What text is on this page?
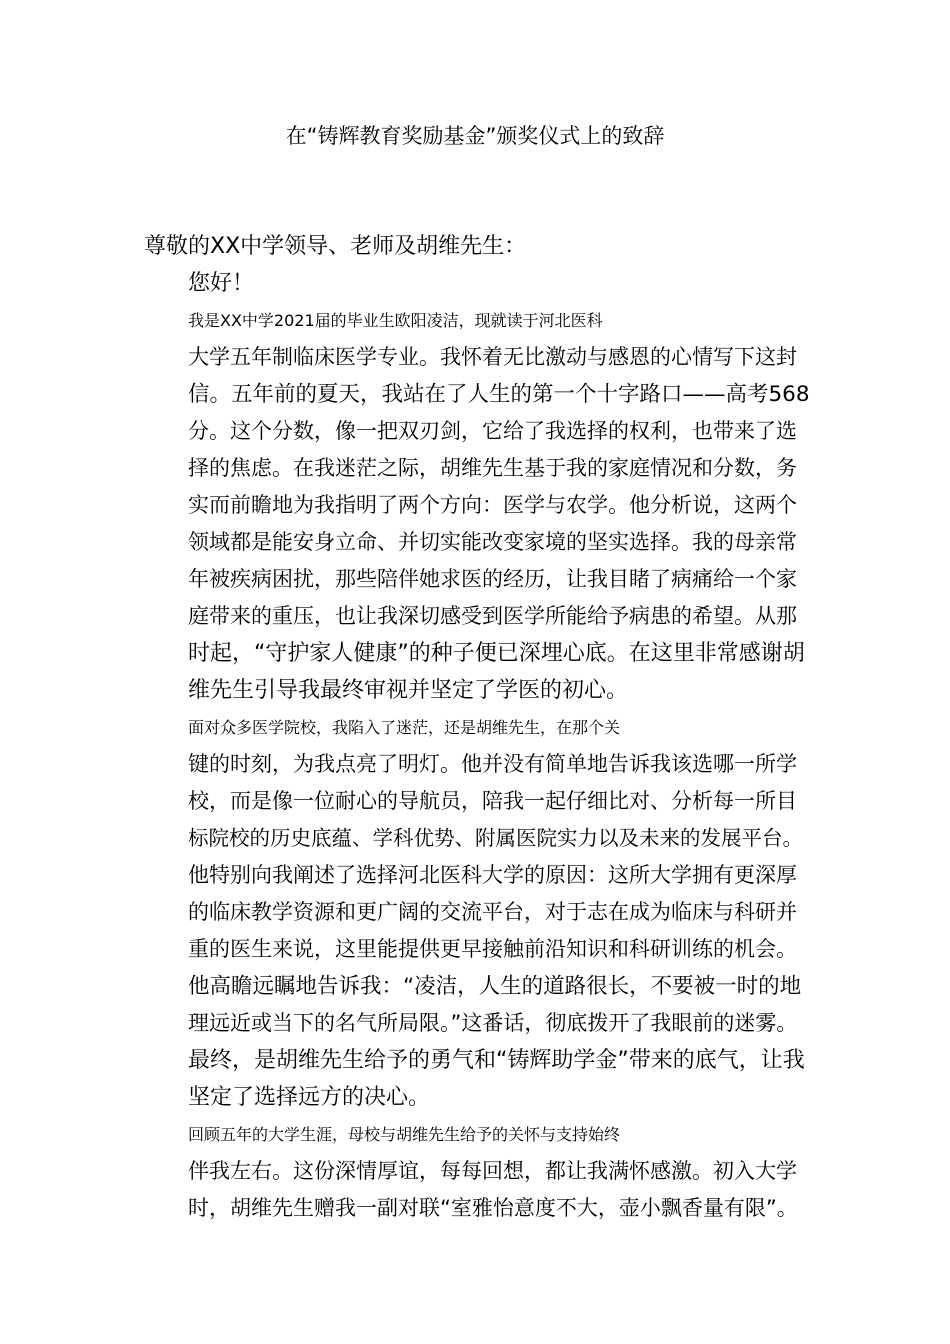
在“铸辉教育奖励基金”颁奖仪式上的致辞

尊敬的XX中学领导、老师及胡维先生：

您好！

我是XX中学2021届的毕业生欧阳凌洁，现就读于河北医科
大学五年制临床医学专业。我怀着无比激动与感恩的心情写下这封
信。五年前的夏天，我站在了人生的第一个十字路口——高考568
分。这个分数，像一把双刃剑，它给了我选择的权利，也带来了选
择的焦虑。在我迷茫之际，胡维先生基于我的家庭情况和分数，务
实而前瞻地为我指明了两个方向：医学与农学。他分析说，这两个
领域都是能安身立命、并切实能改变家境的坚实选择。我的母亲常
年被疾病困扰，那些陪伴她求医的经历，让我目睹了病痛给一个家
庭带来的重压，也让我深切感受到医学所能给予病患的希望。从那
时起，“守护家人健康”的种子便已深埋心底。在这里非常感谢胡
维先生引导我最终审视并坚定了学医的初心。

面对众多医学院校，我陷入了迷茫，还是胡维先生，在那个关
键的时刻，为我点亮了明灯。他并没有简单地告诉我该选哪一所学
校，而是像一位耐心的导航员，陪我一起仔细比对、分析每一所目
标院校的历史底蕴、学科优势、附属医院实力以及未来的发展平台。
他特别向我阐述了选择河北医科大学的原因：这所大学拥有更深厚
的临床教学资源和更广阔的交流平台，对于志在成为临床与科研并
重的医生来说，这里能提供更早接触前沿知识和科研训练的机会。
他高瞻远瞩地告诉我：“凌洁，人生的道路很长，不要被一时的地
理远近或当下的名气所局限。”这番话，彻底拨开了我眼前的迷雾。
最终，是胡维先生给予的勇气和“铸辉助学金”带来的底气，让我
坚定了选择远方的决心。

回顾五年的大学生涯，母校与胡维先生给予的关怀与支持始终
伴我左右。这份深情厚谊，每每回想，都让我满怀感激。初入大学
时，胡维先生赠我一副对联“室雅怡意度不大，壶小飘香量有限”。
